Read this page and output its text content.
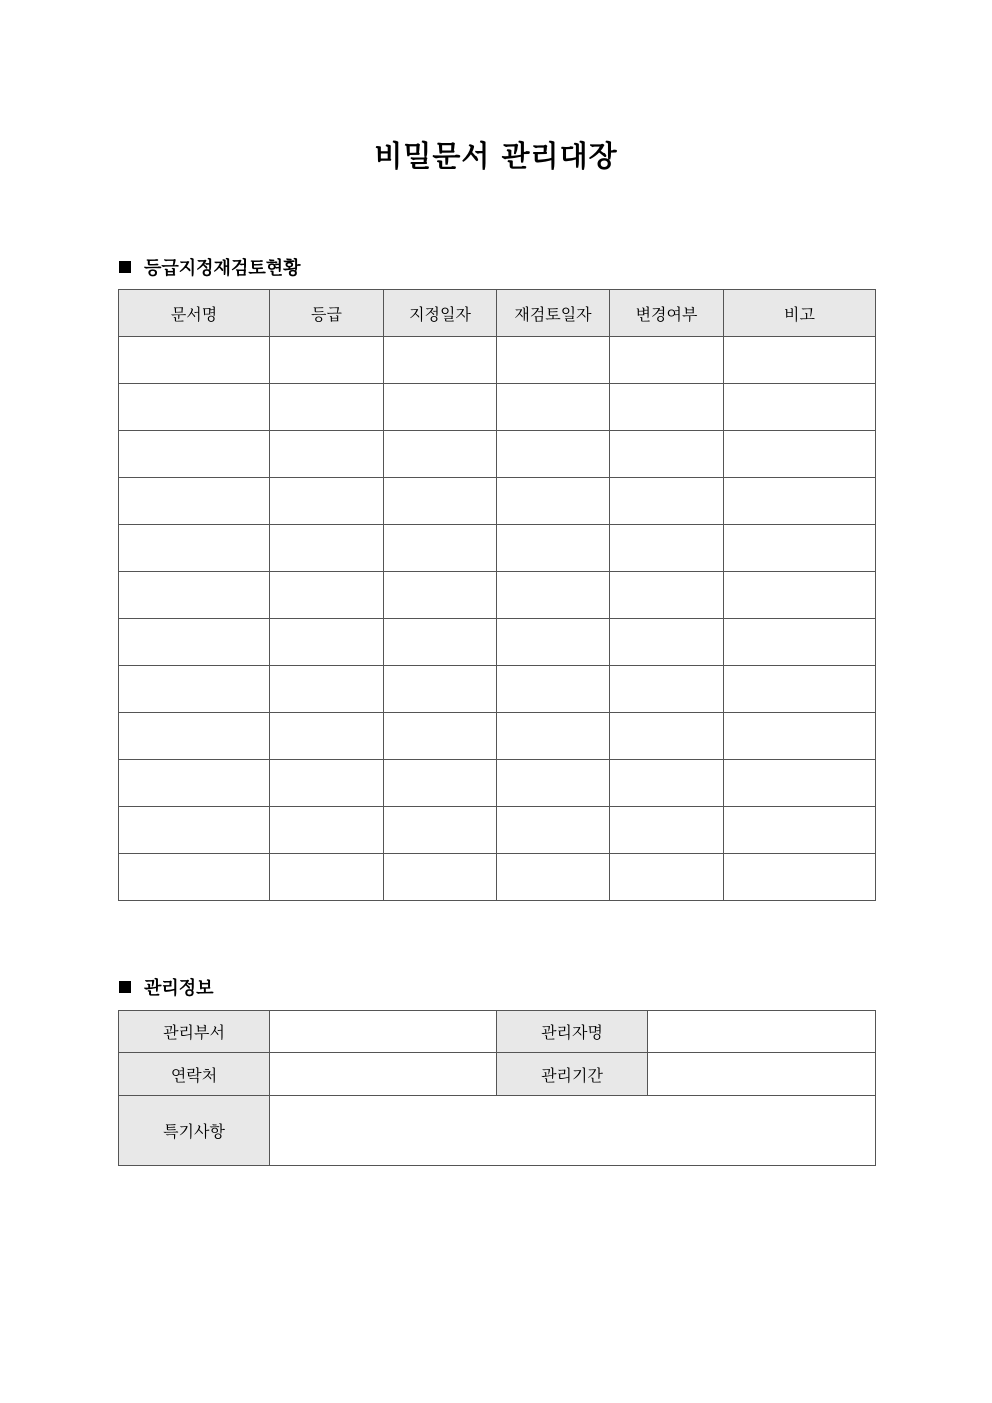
비밀문서 관리대장
등급지정재검토현황
문서명	등급	지정일자	재검토일자	변경여부	비고

관리정보
관리부서		관리자명	
연락처		관리기간	
특기사항			
